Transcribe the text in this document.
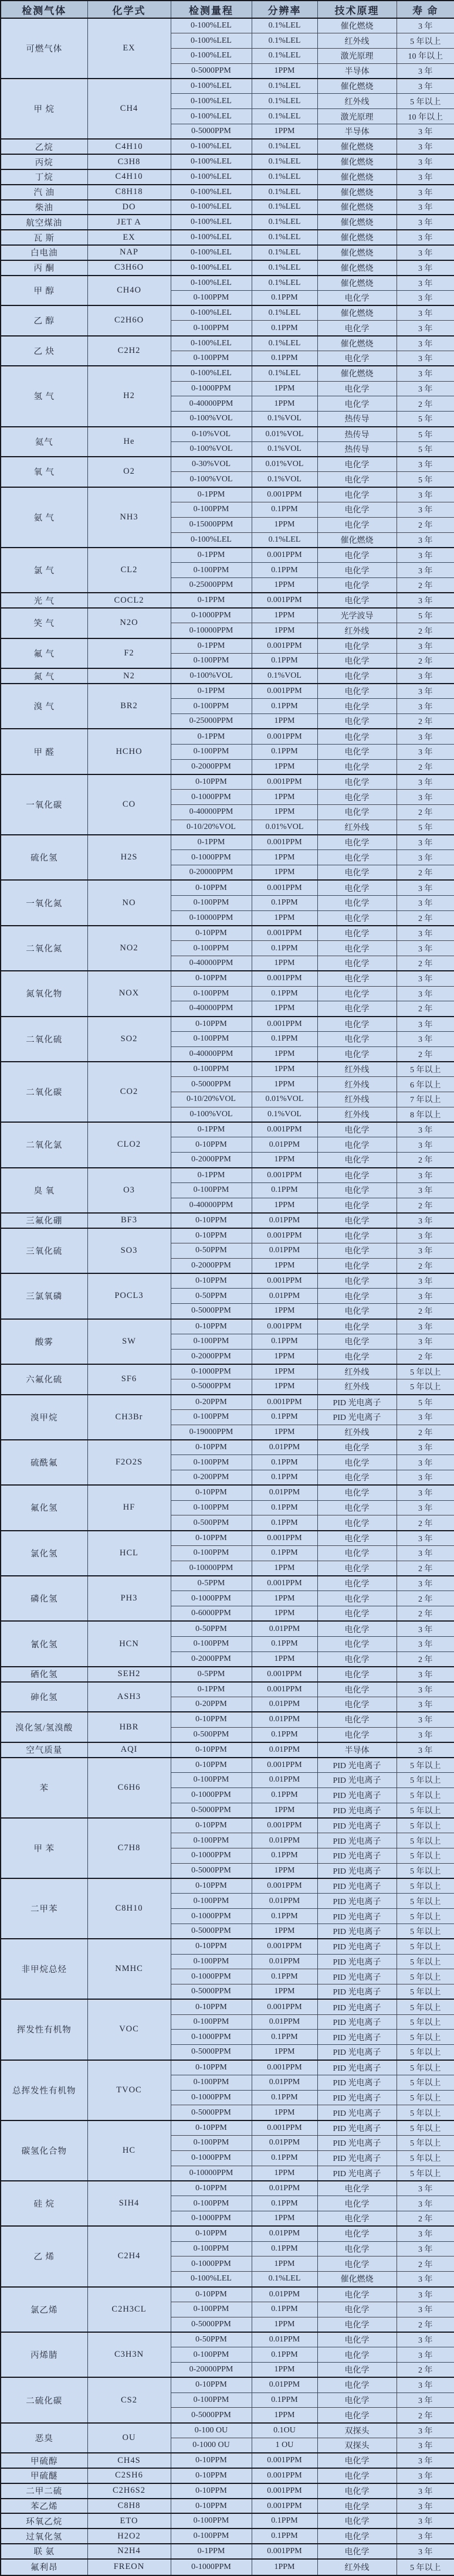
检测气体	化学式	检测量程	分辨率	技术原理	寿 命
可燃气体	EX	0-100%LEL	0.1%LEL	催化燃烧	3 年
		0-100%LEL	0.1%LEL	红外线	5 年以上
		0-100%LEL	0.1%LEL	激光原理	10 年以上
		0-5000PPM	1PPM	半导体	3 年
甲 烷	CH4	0-100%LEL	0.1%LEL	催化燃烧	3 年
		0-100%LEL	0.1%LEL	红外线	5 年以上
		0-100%LEL	0.1%LEL	激光原理	10 年以上
		0-5000PPM	1PPM	半导体	3 年
乙烷	C4H10	0-100%LEL	0.1%LEL	催化燃烧	3 年
丙烷	C3H8	0-100%LEL	0.1%LEL	催化燃烧	3 年
丁烷	C4H10	0-100%LEL	0.1%LEL	催化燃烧	3 年
汽 油	C8H18	0-100%LEL	0.1%LEL	催化燃烧	3 年
柴油	DO	0-100%LEL	0.1%LEL	催化燃烧	3 年
航空煤油	JET A	0-100%LEL	0.1%LEL	催化燃烧	3 年
瓦 斯	EX	0-100%LEL	0.1%LEL	催化燃烧	3 年
白电油	NAP	0-100%LEL	0.1%LEL	催化燃烧	3 年
丙 酮	C3H6O	0-100%LEL	0.1%LEL	催化燃烧	3 年
甲 醇	CH4O	0-100%LEL	0.1%LEL	催化燃烧	3 年
		0-100PPM	0.1PPM	电化学	3 年
乙 醇	C2H6O	0-100%LEL	0.1%LEL	催化燃烧	3 年
		0-100PPM	0.1PPM	电化学	3 年
乙 炔	C2H2	0-100%LEL	0.1%LEL	催化燃烧	3 年
		0-100PPM	0.1PPM	电化学	3 年
氢 气	H2	0-100%LEL	0.1%LEL	催化燃烧	3 年
		0-1000PPM	1PPM	电化学	3 年
		0-40000PPM	1PPM	电化学	2 年
		0-100%VOL	0.1%VOL	热传导	5 年
氦气	He	0-10%VOL	0.01%VOL	热传导	5 年
		0-100%VOL	0.1%VOL	热传导	5 年
氧 气	O2	0-30%VOL	0.01%VOL	电化学	3 年
		0-100%VOL	0.1%VOL	电化学	5 年
氨 气	NH3	0-1PPM	0.001PPM	电化学	3 年
		0-100PPM	0.1PPM	电化学	3 年
		0-15000PPM	1PPM	电化学	2 年
		0-100%LEL	0.1%LEL	催化燃烧	3 年
氯 气	CL2	0-1PPM	0.001PPM	电化学	3 年
		0-100PPM	0.1PPM	电化学	3 年
		0-25000PPM	1PPM	电化学	2 年
光 气	COCL2	0-1PPM	0.001PPM	电化学	3 年
笑 气	N2O	0-1000PPM	1PPM	光学波导	5 年
		0-10000PPM	1PPM	红外线	2 年
氟 气	F2	0-1PPM	0.001PPM	电化学	3 年
		0-100PPM	0.1PPM	电化学	2 年
氮 气	N2	0-100%VOL	0.1%VOL	电化学	3 年
溴 气	BR2	0-1PPM	0.001PPM	电化学	3 年
		0-100PPM	0.1PPM	电化学	3 年
		0-25000PPM	1PPM	电化学	2 年
甲 醛	HCHO	0-1PPM	0.001PPM	电化学	3 年
		0-100PPM	0.1PPM	电化学	3 年
		0-2000PPM	1PPM	电化学	2 年
一氧化碳	CO	0-10PPM	0.001PPM	电化学	3 年
		0-1000PPM	1PPM	电化学	3 年
		0-40000PPM	1PPM	电化学	2 年
		0-10/20%VOL	0.01%VOL	红外线	5 年
硫化氢	H2S	0-1PPM	0.001PPM	电化学	3 年
		0-1000PPM	1PPM	电化学	3 年
		0-20000PPM	1PPM	电化学	2 年
一氧化氮	NO	0-10PPM	0.001PPM	电化学	3 年
		0-100PPM	0.1PPM	电化学	3 年
		0-10000PPM	1PPM	电化学	2 年
二氧化氮	NO2	0-10PPM	0.001PPM	电化学	3 年
		0-100PPM	0.1PPM	电化学	3 年
		0-40000PPM	1PPM	电化学	2 年
氮氧化物	NOX	0-10PPM	0.001PPM	电化学	3 年
		0-100PPM	0.1PPM	电化学	3 年
		0-40000PPM	1PPM	电化学	2 年
二氧化硫	SO2	0-10PPM	0.001PPM	电化学	3 年
		0-100PPM	0.1PPM	电化学	3 年
		0-40000PPM	1PPM	电化学	2 年
二氧化碳	CO2	0-100PPM	1PPM	红外线	5 年以上
		0-5000PPM	1PPM	红外线	6 年以上
		0-10/20%VOL	0.01%VOL	红外线	7 年以上
		0-100%VOL	0.1%VOL	红外线	8 年以上
二氧化氯	CLO2	0-1PPM	0.001PPM	电化学	3 年
		0-10PPM	0.01PPM	电化学	3 年
		0-2000PPM	1PPM	电化学	2 年
臭 氧	O3	0-1PPM	0.001PPM	电化学	3 年
		0-100PPM	0.1PPM	电化学	3 年
		0-40000PPM	1PPM	电化学	2 年
三氟化硼	BF3	0-10PPM	0.01PPM	电化学	3 年
三氧化硫	SO3	0-10PPM	0.001PPM	电化学	3 年
		0-50PPM	0.01PPM	电化学	3 年
		0-2000PPM	1PPM	电化学	2 年
三氯氧磷	POCL3	0-10PPM	0.001PPM	电化学	3 年
		0-50PPM	0.01PPM	电化学	3 年
		0-5000PPM	1PPM	电化学	2 年
酸雾	SW	0-10PPM	0.001PPM	电化学	3 年
		0-100PPM	0.1PPM	电化学	3 年
		0-2000PPM	1PPM	电化学	2 年
六氟化硫	SF6	0-1000PPM	1PPM	红外线	5 年以上
		0-5000PPM	1PPM	红外线	5 年以上
溴甲烷	CH3Br	0-20PPM	0.001PPM	PID 光电离子	5 年
		0-100PPM	0.1PPM	PID 光电离子	3 年
		0-19000PPM	1PPM	红外线	2 年
硫酰氟	F2O2S	0-10PPM	0.01PPM	电化学	3 年
		0-100PPM	0.1PPM	电化学	3 年
		0-200PPM	0.1PPM	电化学	3 年
氟化氢	HF	0-10PPM	0.01PPM	电化学	3 年
		0-100PPM	0.1PPM	电化学	3 年
		0-500PPM	0.1PPM	电化学	2 年
氯化氢	HCL	0-10PPM	0.001PPM	电化学	3 年
		0-100PPM	0.1PPM	电化学	3 年
		0-10000PPM	1PPM	电化学	2 年
磷化氢	PH3	0-5PPM	0.001PPM	电化学	3 年
		0-1000PPM	1PPM	电化学	2 年
		0-6000PPM	1PPM	电化学	2 年
氰化氢	HCN	0-50PPM	0.01PPM	电化学	3 年
		0-100PPM	0.1PPM	电化学	3 年
		0-2000PPM	1PPM	电化学	2 年
硒化氢	SEH2	0-5PPM	0.001PPM	电化学	3 年
砷化氢	ASH3	0-1PPM	0.001PPM	电化学	3 年
		0-20PPM	0.01PPM	电化学	3 年
溴化氢/氢溴酸	HBR	0-10PPM	0.01PPM	电化学	3 年
		0-500PPM	0.1PPM	电化学	3 年
空气质量	AQI	0-10PPM	0.01PPM	半导体	3 年
苯	C6H6	0-10PPM	0.001PPM	PID 光电离子	5 年以上
		0-100PPM	0.01PPM	PID 光电离子	5 年以上
		0-1000PPM	0.1PPM	PID 光电离子	5 年以上
		0-5000PPM	1PPM	PID 光电离子	5 年以上
甲 苯	C7H8	0-10PPM	0.001PPM	PID 光电离子	5 年以上
		0-100PPM	0.01PPM	PID 光电离子	5 年以上
		0-1000PPM	0.1PPM	PID 光电离子	5 年以上
		0-5000PPM	1PPM	PID 光电离子	5 年以上
二甲苯	C8H10	0-10PPM	0.001PPM	PID 光电离子	5 年以上
		0-100PPM	0.01PPM	PID 光电离子	5 年以上
		0-1000PPM	0.1PPM	PID 光电离子	5 年以上
		0-5000PPM	1PPM	PID 光电离子	5 年以上
非甲烷总烃	NMHC	0-10PPM	0.001PPM	PID 光电离子	5 年以上
		0-100PPM	0.01PPM	PID 光电离子	5 年以上
		0-1000PPM	0.1PPM	PID 光电离子	5 年以上
		0-5000PPM	1PPM	PID 光电离子	5 年以上
挥发性有机物	VOC	0-10PPM	0.001PPM	PID 光电离子	5 年以上
		0-100PPM	0.01PPM	PID 光电离子	5 年以上
		0-1000PPM	0.1PPM	PID 光电离子	5 年以上
		0-5000PPM	1PPM	PID 光电离子	5 年以上
总挥发性有机物	TVOC	0-10PPM	0.001PPM	PID 光电离子	5 年以上
		0-100PPM	0.01PPM	PID 光电离子	5 年以上
		0-1000PPM	0.1PPM	PID 光电离子	5 年以上
		0-5000PPM	1PPM	PID 光电离子	5 年以上
碳氢化合物	HC	0-10PPM	0.001PPM	PID 光电离子	5 年以上
		0-100PPM	0.01PPM	PID 光电离子	5 年以上
		0-1000PPM	0.1PPM	PID 光电离子	5 年以上
		0-10000PPM	1PPM	PID 光电离子	5 年以上
硅 烷	SIH4	0-10PPM	0.01PPM	电化学	3 年
		0-100PPM	0.1PPM	电化学	3 年
		0-1000PPM	1PPM	电化学	2 年
乙 烯	C2H4	0-10PPM	0.01PPM	电化学	3 年
		0-100PPM	0.1PPM	电化学	3 年
		0-1000PPM	1PPM	电化学	2 年
		0-100%LEL	0.1%LEL	催化燃烧	3 年
氯乙烯	C2H3CL	0-10PPM	0.01PPM	电化学	3 年
		0-100PPM	0.1PPM	电化学	3 年
		0-5000PPM	1PPM	电化学	2 年
丙烯腈	C3H3N	0-50PPM	0.01PPM	电化学	3 年
		0-100PPM	0.1PPM	电化学	3 年
		0-20000PPM	1PPM	电化学	2 年
二硫化碳	CS2	0-10PPM	0.01PPM	电化学	3 年
		0-100PPM	0.1PPM	电化学	3 年
		0-5000PPM	1PPM	电化学	2 年
恶臭	OU	0-100 OU	0.1OU	双探头	3 年
		0-1000 OU	1 OU	双探头	3 年
甲硫醇	CH4S	0-10PPM	0.001PPM	电化学	3 年
甲硫醚	C2SH6	0-10PPM	0.001PPM	电化学	3 年
二甲二硫	C2H6S2	0-10PPM	0.001PPM	电化学	3 年
苯乙烯	C8H8	0-10PPM	0.001PPM	电化学	3 年
环氧乙烷	ETO	0-100PPM	0.1PPM	电化学	3 年
过氧化氢	H2O2	0-100PPM	0.1PPM	电化学	3 年
联 氨	N2H4	0-1PPM	0.001PPM	电化学	3 年
氟利昂	FREON	0-1000PPM	1PPM	红外线	5 年以上
